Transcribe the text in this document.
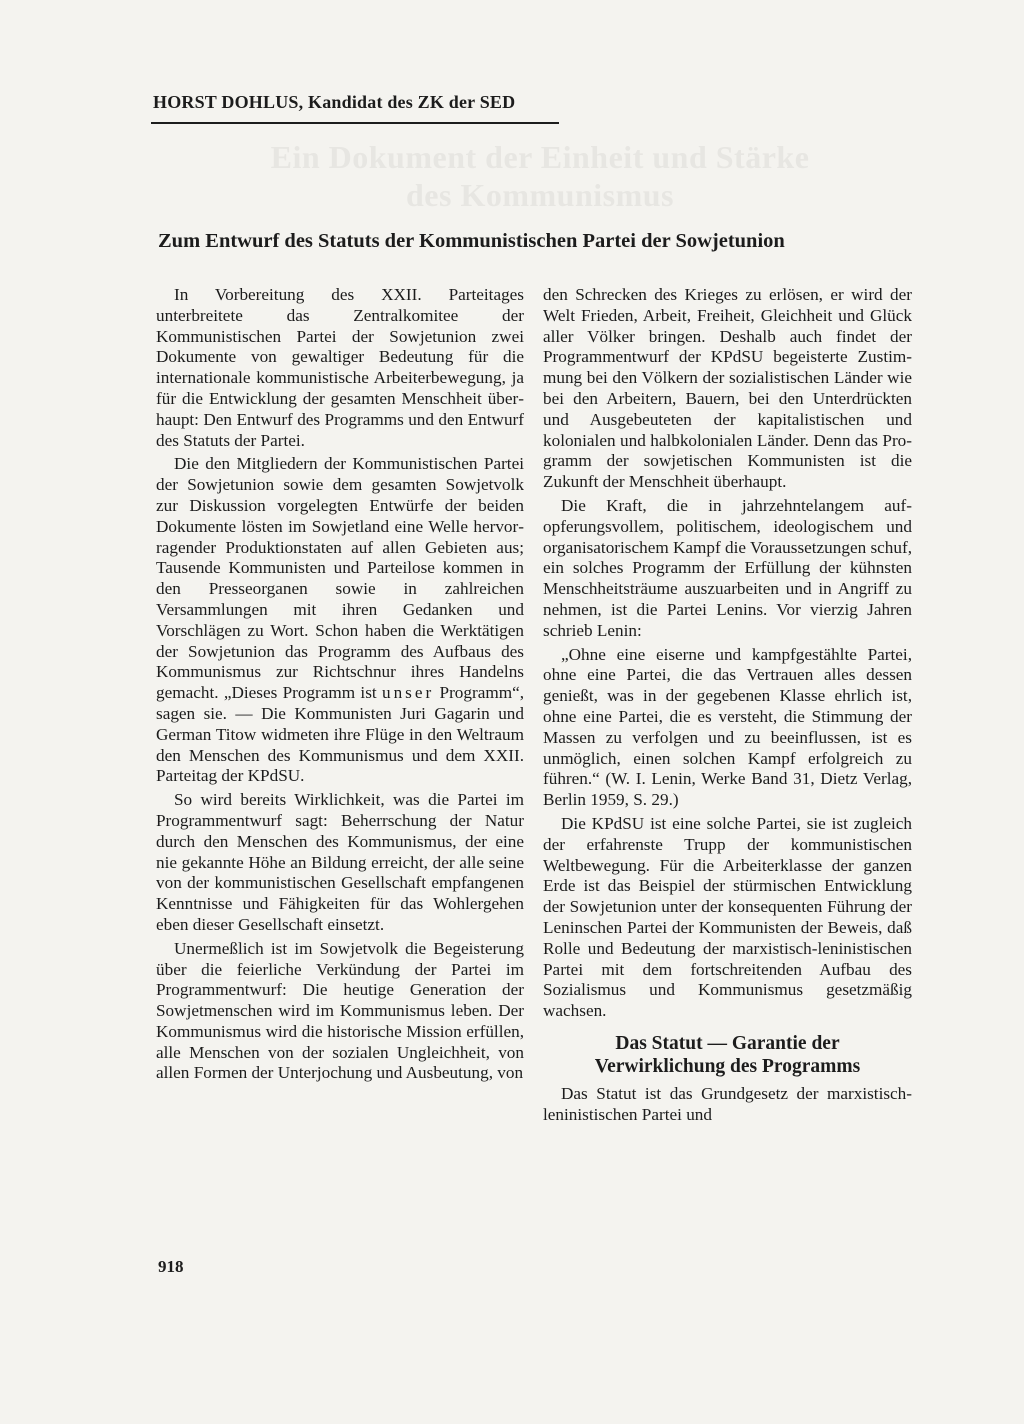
HORST DOHLUS, Kandidat des ZK der SED

Ein Dokument der Einheit und Stärke
des Kommunismus
Zum Entwurf des Statuts der Kommunistischen Partei der Sowjetunion

In Vorbereitung des XXII. Parteitages unterbreitete das Zentralkomitee der Kommunistischen Partei der Sowjetunion zwei Dokumente von gewaltiger Bedeutung für die internationale kommunistische Arbeiterbewegung, ja für die Entwicklung der gesamten Menschheit überhaupt: Den Entwurf des Programms und den Entwurf des Statuts der Partei.

Die den Mitgliedern der Kommunistischen Partei der Sowjetunion sowie dem gesamten Sowjetvolk zur Diskussion vorgelegten Entwürfe der beiden Dokumente lösten im Sowjetland eine Welle hervorragender Produktionstaten auf allen Gebieten aus; Tausende Kommunisten und Parteilose kommen in den Presseorganen sowie in zahlreichen Versammlungen mit ihren Gedanken und Vorschlägen zu Wort. Schon haben die Werktätigen der Sowjetunion das Programm des Aufbaus des Kommunismus zur Richtschnur ihres Handelns gemacht. „Dieses Programm ist unser Programm“, sagen sie. — Die Kommunisten Juri Gagarin und German Titow widmeten ihre Flüge in den Weltraum den Menschen des Kommunismus und dem XXII. Parteitag der KPdSU.

So wird bereits Wirklichkeit, was die Partei im Programmentwurf sagt: Beherrschung der Natur durch den Menschen des Kommunismus, der eine nie gekannte Höhe an Bildung erreicht, der alle seine von der kommunistischen Gesellschaft empfangenen Kenntnisse und Fähigkeiten für das Wohlergehen eben dieser Gesellschaft einsetzt.

Unermeßlich ist im Sowjetvolk die Begeisterung über die feierliche Verkündung der Partei im Programmentwurf: Die heutige Generation der Sowjetmenschen wird im Kommunismus leben. Der Kommunismus wird die historische Mission erfüllen, alle Menschen von der sozialen Ungleichheit, von allen Formen der Unterjochung und Ausbeutung, von

den Schrecken des Krieges zu erlösen, er wird der Welt Frieden, Arbeit, Freiheit, Gleichheit und Glück aller Völker bringen. Deshalb auch findet der Programmentwurf der KPdSU begeisterte Zustimmung bei den Völkern der sozialistischen Länder wie bei den Arbeitern, Bauern, bei den Unterdrückten und Ausgebeuteten der kapitalistischen und kolonialen und halbkolonialen Länder. Denn das Programm der sowjetischen Kommunisten ist die Zukunft der Menschheit überhaupt.

Die Kraft, die in jahrzehntelangem aufopferungsvollem, politischem, ideologischem und organisatorischem Kampf die Voraussetzungen schuf, ein solches Programm der Erfüllung der kühnsten Menschheitsträume auszuarbeiten und in Angriff zu nehmen, ist die Partei Lenins. Vor vierzig Jahren schrieb Lenin:

„Ohne eine eiserne und kampfgestählte Partei, ohne eine Partei, die das Vertrauen alles dessen genießt, was in der gegebenen Klasse ehrlich ist, ohne eine Partei, die es versteht, die Stimmung der Massen zu verfolgen und zu beeinflussen, ist es unmöglich, einen solchen Kampf erfolgreich zu führen.“ (W. I. Lenin, Werke Band 31, Dietz Verlag, Berlin 1959, S. 29.)

Die KPdSU ist eine solche Partei, sie ist zugleich der erfahrenste Trupp der kommunistischen Weltbewegung. Für die Arbeiterklasse der ganzen Erde ist das Beispiel der stürmischen Entwicklung der Sowjetunion unter der konsequenten Führung der Leninschen Partei der Kommunisten der Beweis, daß Rolle und Bedeutung der marxistisch-leninistischen Partei mit dem fortschreitenden Aufbau des Sozialismus und Kommunismus gesetzmäßig wachsen.

Das Statut — Garantie der
Verwirklichung des Programms

Das Statut ist das Grundgesetz der marxistisch-leninistischen Partei und

918
